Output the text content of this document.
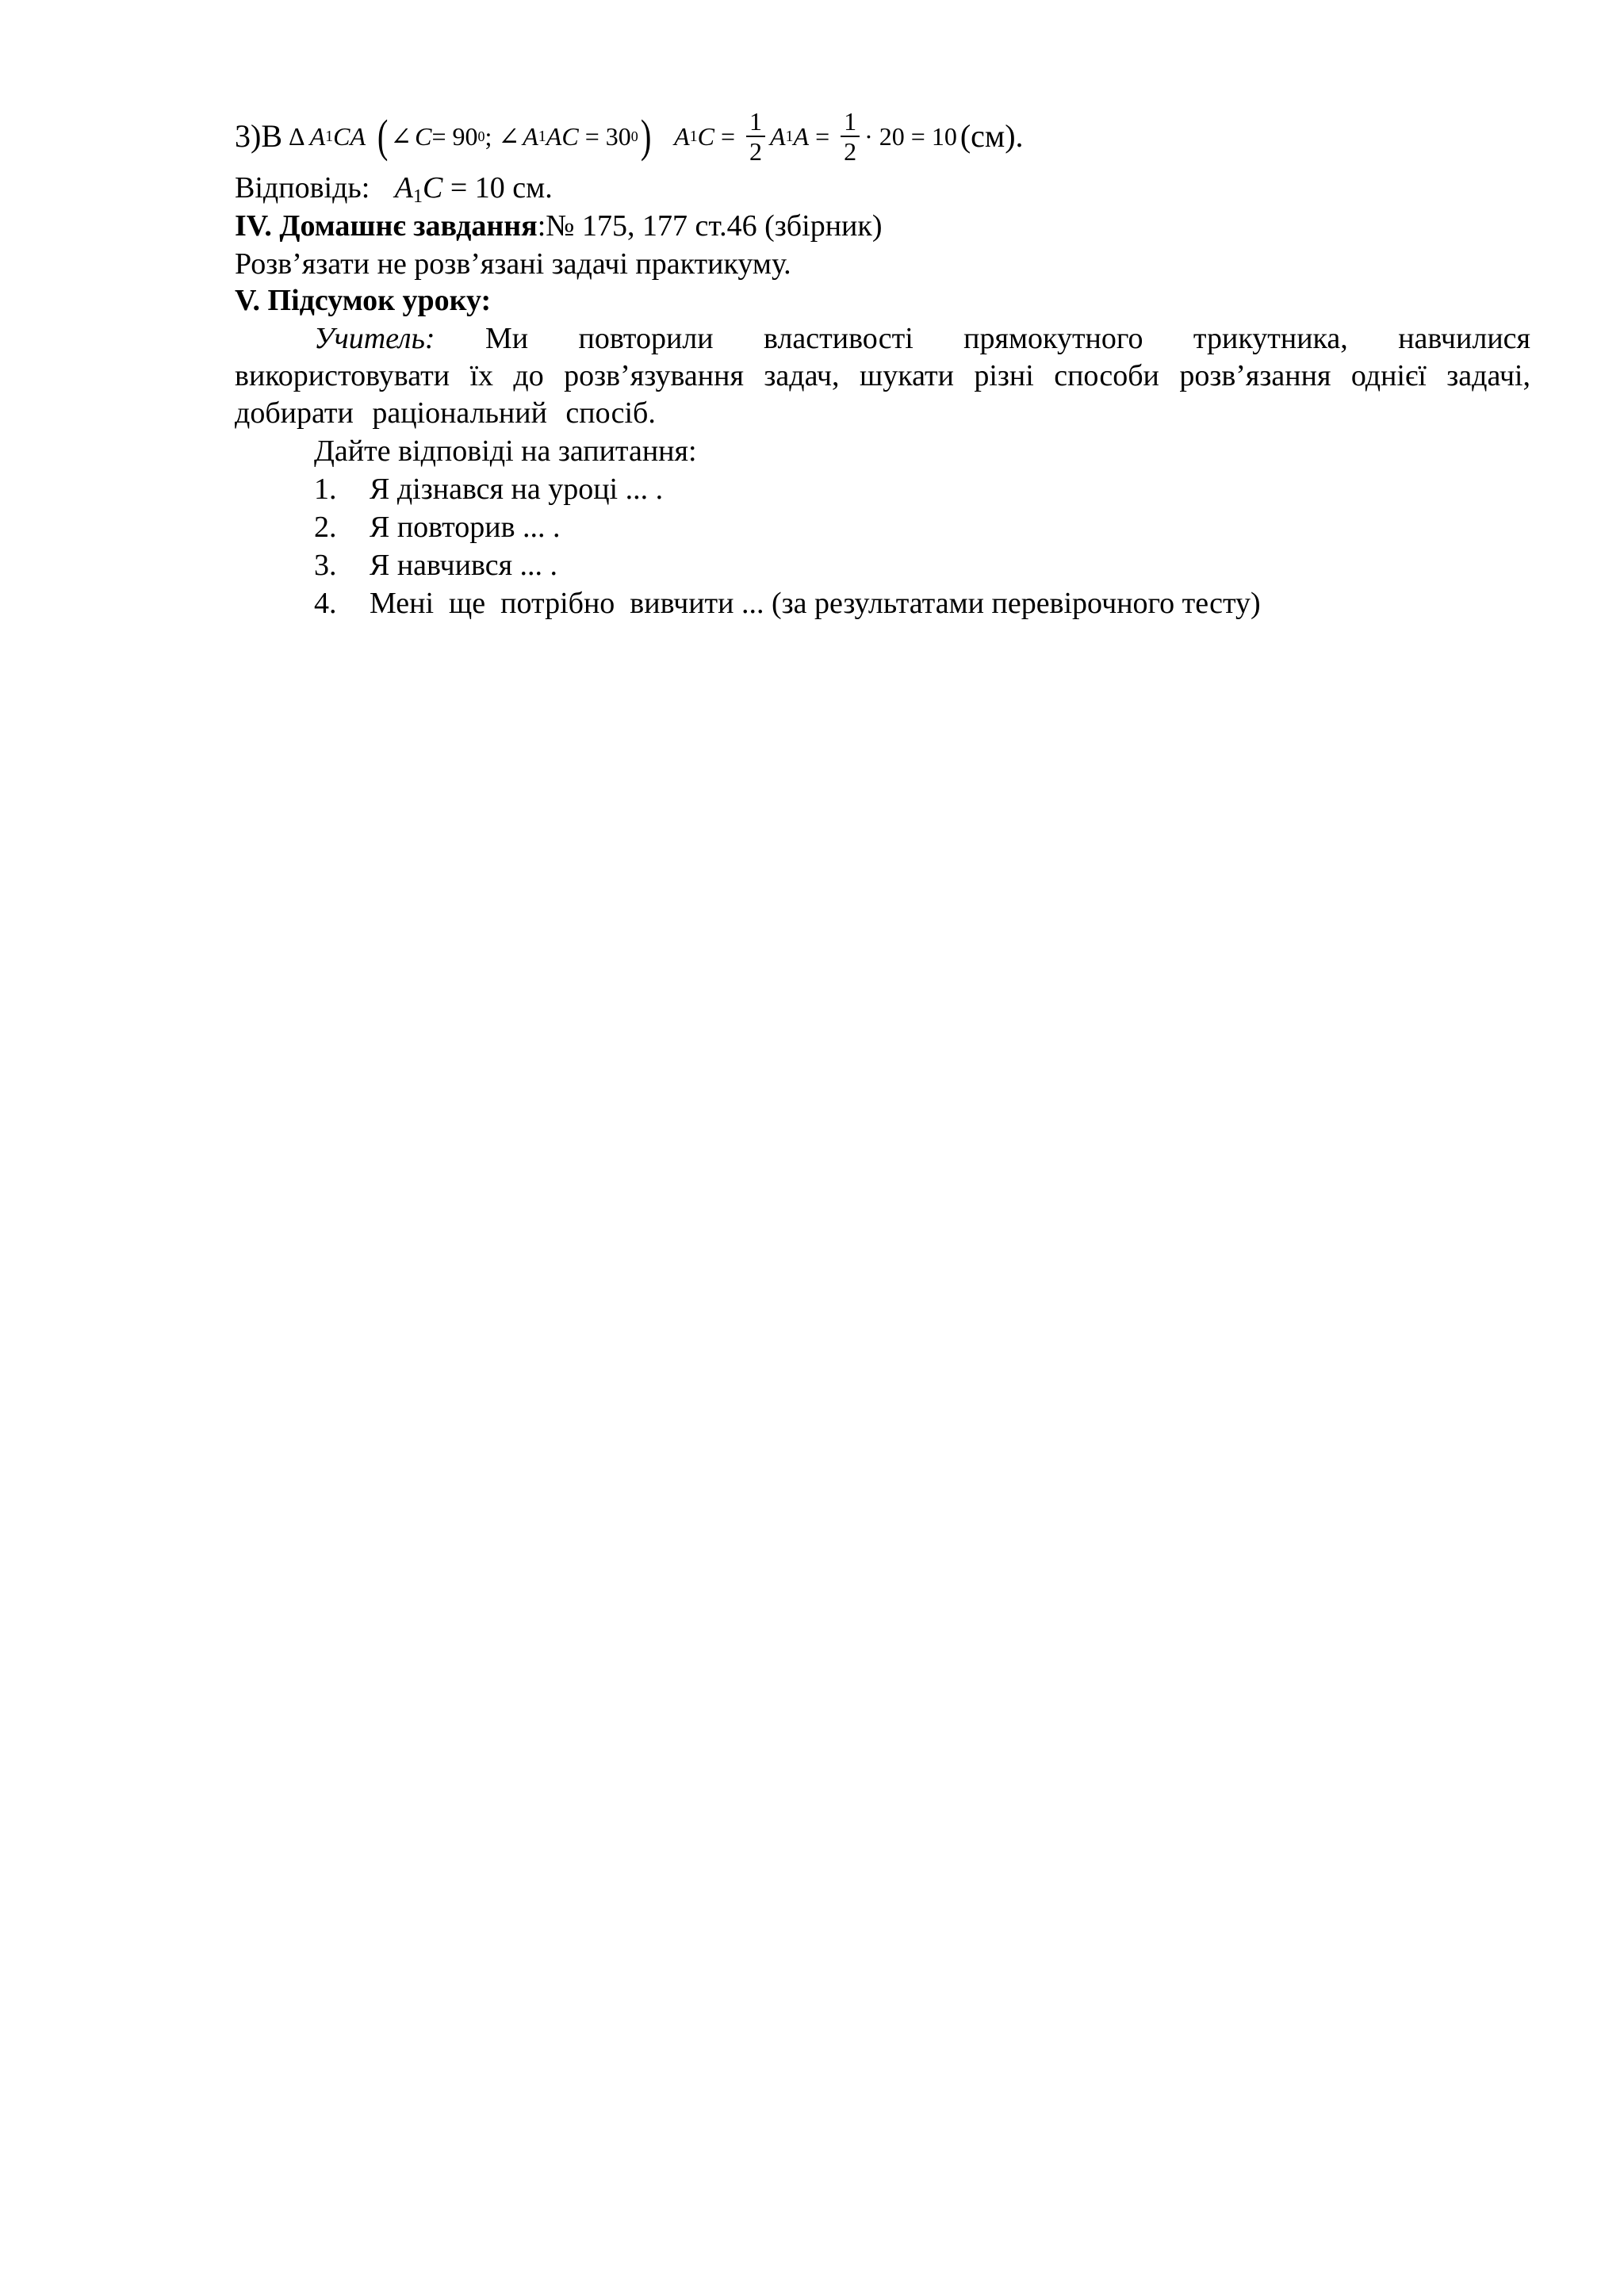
3)В Δ A 1 CA ( ∠ C = 90 0 ; ∠ A 1 AC = 30 0 ) A 1 $C = \frac{1}{2}$ A 1 $A = \frac{1}{2} \cdot 20 = 10$ (см).
Відповідь: A1C = 10 см.
IV. Домашнє завдання:№ 175, 177 ст.46 (збірник)
Розв’язати не розв’язані задачі практикуму.
V. Підсумок уроку:
Учитель: Ми повторили властивості прямокутного трикутника, навчилися використовувати їх до розв’язування задач, шукати різні способи розв’язання однієї задачі, добирати раціональний спосіб.
Дайте відповіді на запитання:
1. Я дізнався на уроці ... .
2. Я повторив ... .
3. Я навчився ... .
4. Мені  ще  потрібно  вивчити ... (за результатами перевірочного тесту)
